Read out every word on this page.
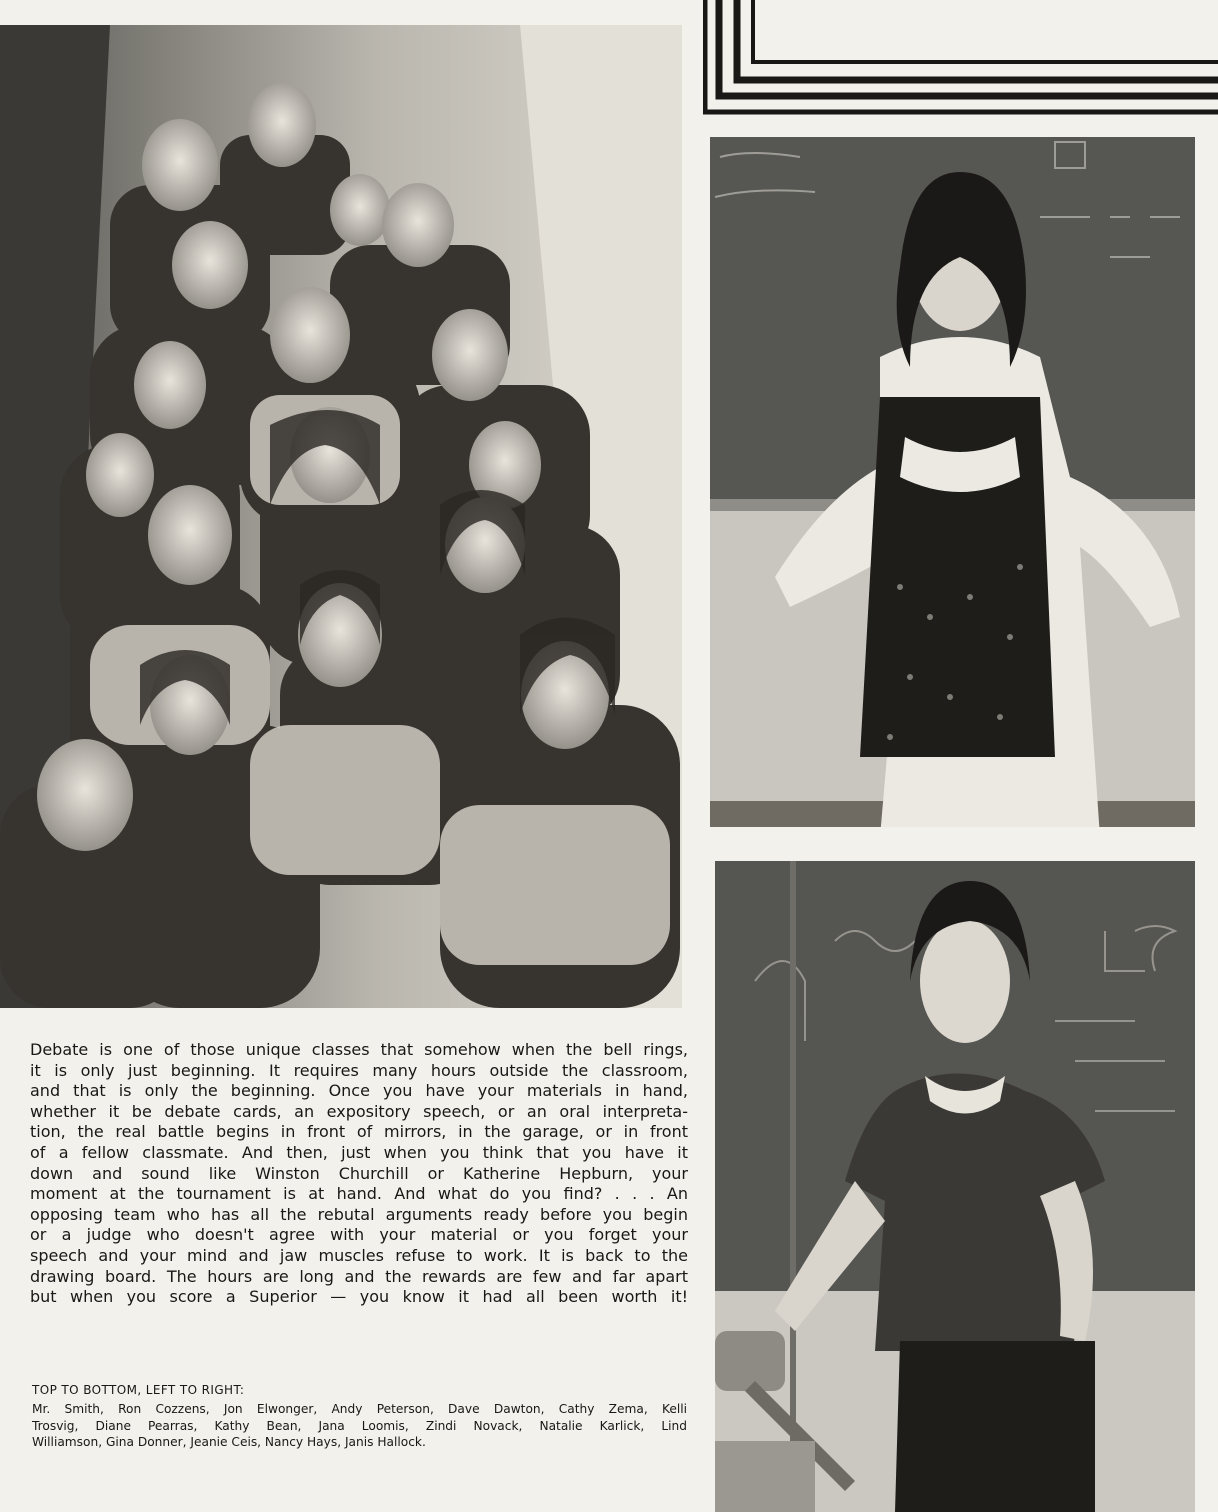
Debate is one of those unique classes that somehow when the bell rings,
it is only just beginning. It requires many hours outside the classroom,
and that is only the beginning. Once you have your materials in hand,
whether it be debate cards, an expository speech, or an oral interpreta-
tion, the real battle begins in front of mirrors, in the garage, or in front
of a fellow classmate. And then, just when you think that you have it
down and sound like Winston Churchill or Katherine Hepburn, your
moment at the tournament is at hand. And what do you find? . . . An
opposing team who has all the rebutal arguments ready before you begin
or a judge who doesn't agree with your material or you forget your
speech and your mind and jaw muscles refuse to work. It is back to the
drawing board. The hours are long and the rewards are few and far apart
but when you score a Superior — you know it had all been worth it!
TOP TO BOTTOM, LEFT TO RIGHT:
Mr. Smith, Ron Cozzens, Jon Elwonger, Andy Peterson, Dave Dawton, Cathy Zema, Kelli
Trosvig, Diane Pearras, Kathy Bean, Jana Loomis, Zindi Novack, Natalie Karlick, Lind
Williamson, Gina Donner, Jeanie Ceis, Nancy Hays, Janis Hallock.
